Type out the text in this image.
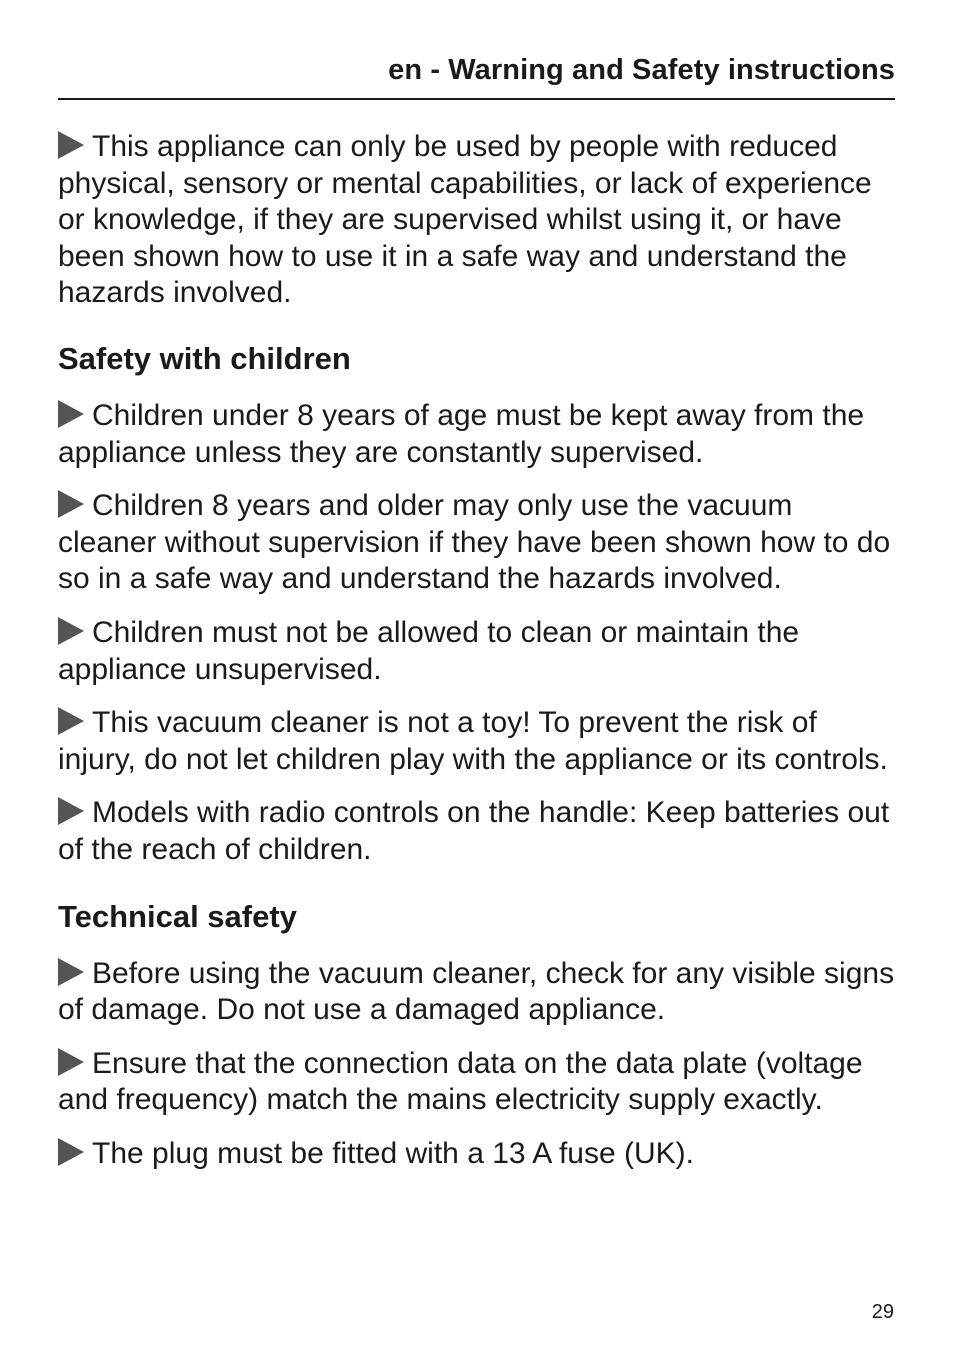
en - Warning and Safety instructions

This appliance can only be used by people with reduced physical, sensory or mental capabilities, or lack of experience or knowledge, if they are supervised whilst using it, or have been shown how to use it in a safe way and understand the hazards involved.

Safety with children

Children under 8 years of age must be kept away from the appliance unless they are constantly supervised.

Children 8 years and older may only use the vacuum cleaner without supervision if they have been shown how to do so in a safe way and understand the hazards involved.

Children must not be allowed to clean or maintain the appliance unsupervised.

This vacuum cleaner is not a toy! To prevent the risk of injury, do not let children play with the appliance or its controls.

Models with radio controls on the handle: Keep batteries out of the reach of children.

Technical safety

Before using the vacuum cleaner, check for any visible signs of damage. Do not use a damaged appliance.

Ensure that the connection data on the data plate (voltage and frequency) match the mains electricity supply exactly.

The plug must be fitted with a 13 A fuse (UK).

29
